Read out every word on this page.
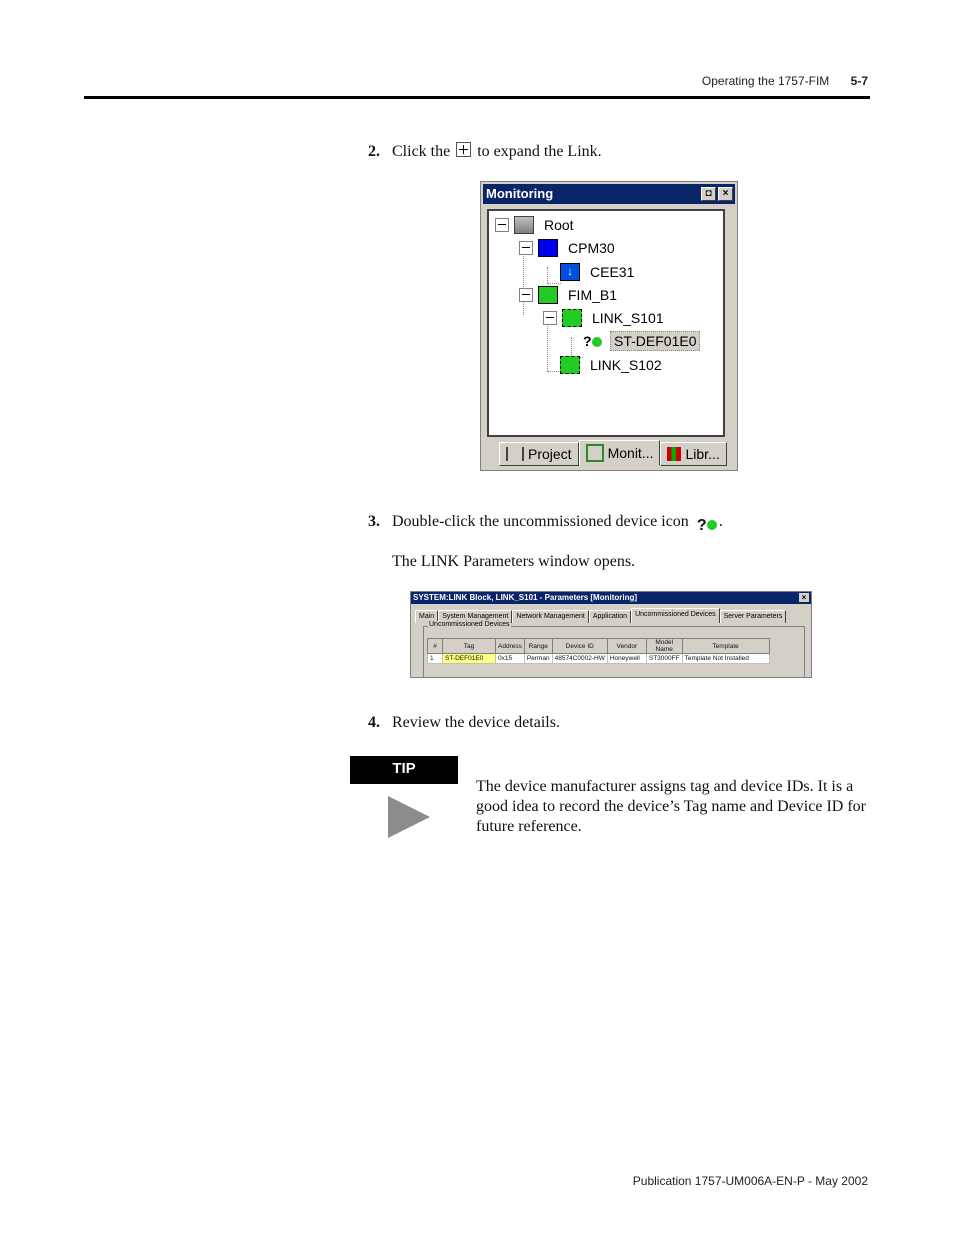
Operating the 1757-FIM 5-7
2. Click the to expand the Link.
Monitoring	◘	×
Root
CPM30
↓	CEE31
FIM_B1
LINK_S101
?	ST-DEF01E0
LINK_S102
Project	Monit... Libr...
3. Double-click the uncommissioned device icon ? .
The LINK Parameters window opens.
SYSTEM:LINK Block, LINK_S101 - Parameters [Monitoring]	×
Main	System Management	Network Management	Application	Uncommissioned Devices	Server Parameters
Uncommissioned Devices
#	Tag	Address	Range	Device ID	Vendor	Model Name	Template
1	ST-DEF01E0	0x15	Perman	48574C0002-HW	Honeywell	ST3000FF	Template Not Installed
4. Review the device details.
TIP
The device manufacturer assigns tag and device IDs. It is a good idea to record the device’s Tag name and Device ID for future reference.
Publication 1757-UM006A-EN-P - May 2002
